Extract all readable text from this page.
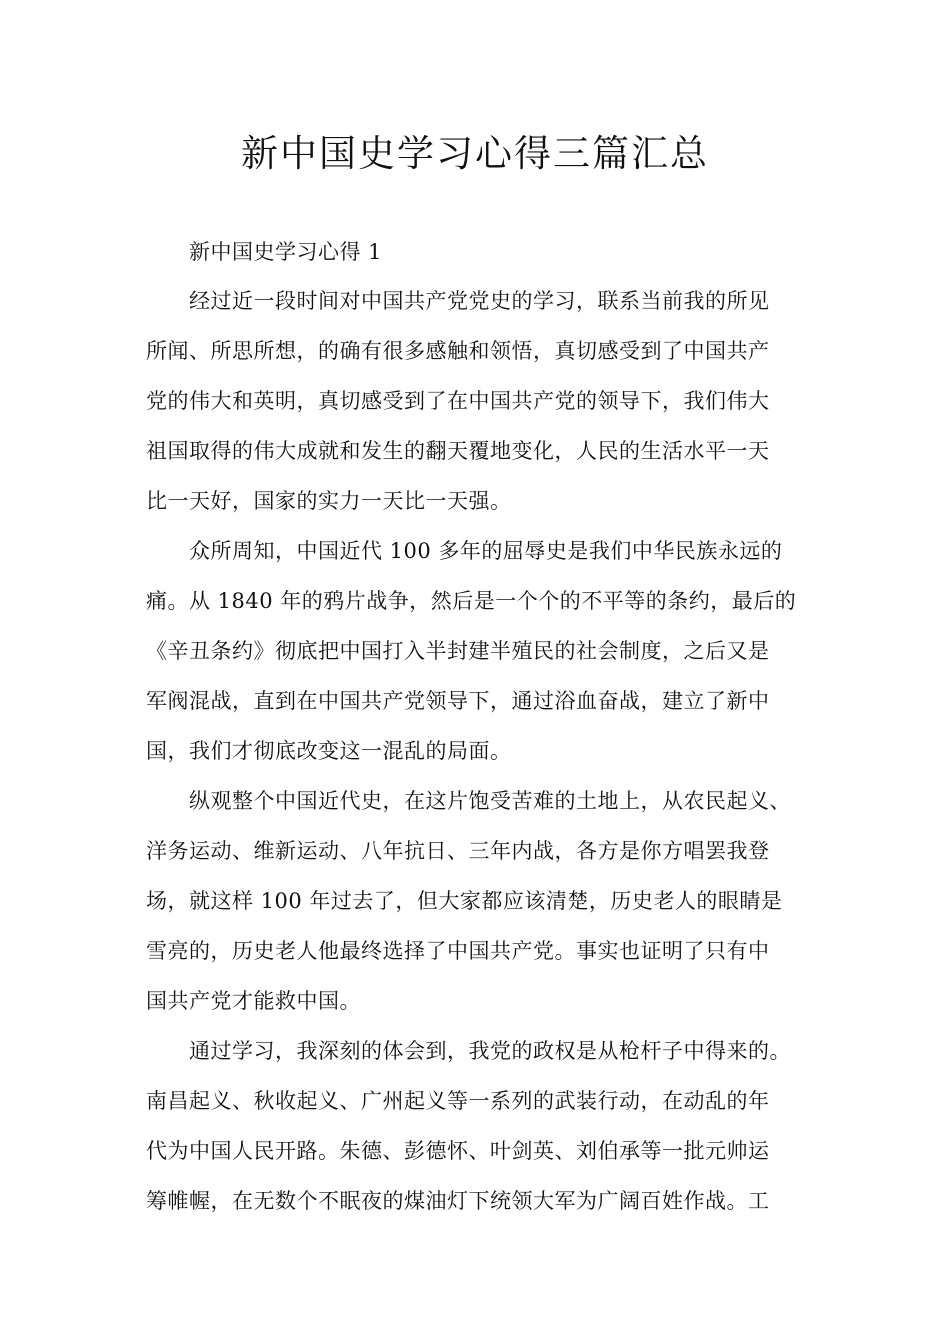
新中国史学习心得三篇汇总
新中国史学习心得 1
经过近一段时间对中国共产党党史的学习，联系当前我的所见
所闻、所思所想，的确有很多感触和领悟，真切感受到了中国共产
党的伟大和英明，真切感受到了在中国共产党的领导下，我们伟大
祖国取得的伟大成就和发生的翻天覆地变化，人民的生活水平一天
比一天好，国家的实力一天比一天强。
众所周知，中国近代 100 多年的屈辱史是我们中华民族永远的
痛。从 1840 年的鸦片战争，然后是一个个的不平等的条约，最后的
《辛丑条约》彻底把中国打入半封建半殖民的社会制度，之后又是
军阀混战，直到在中国共产党领导下，通过浴血奋战，建立了新中
国，我们才彻底改变这一混乱的局面。
纵观整个中国近代史，在这片饱受苦难的土地上，从农民起义、
洋务运动、维新运动、八年抗日、三年内战，各方是你方唱罢我登
场，就这样 100 年过去了，但大家都应该清楚，历史老人的眼睛是
雪亮的，历史老人他最终选择了中国共产党。事实也证明了只有中
国共产党才能救中国。
通过学习，我深刻的体会到，我党的政权是从枪杆子中得来的。
南昌起义、秋收起义、广州起义等一系列的武装行动，在动乱的年
代为中国人民开路。朱德、彭德怀、叶剑英、刘伯承等一批元帅运
筹帷幄，在无数个不眠夜的煤油灯下统领大军为广阔百姓作战。工
